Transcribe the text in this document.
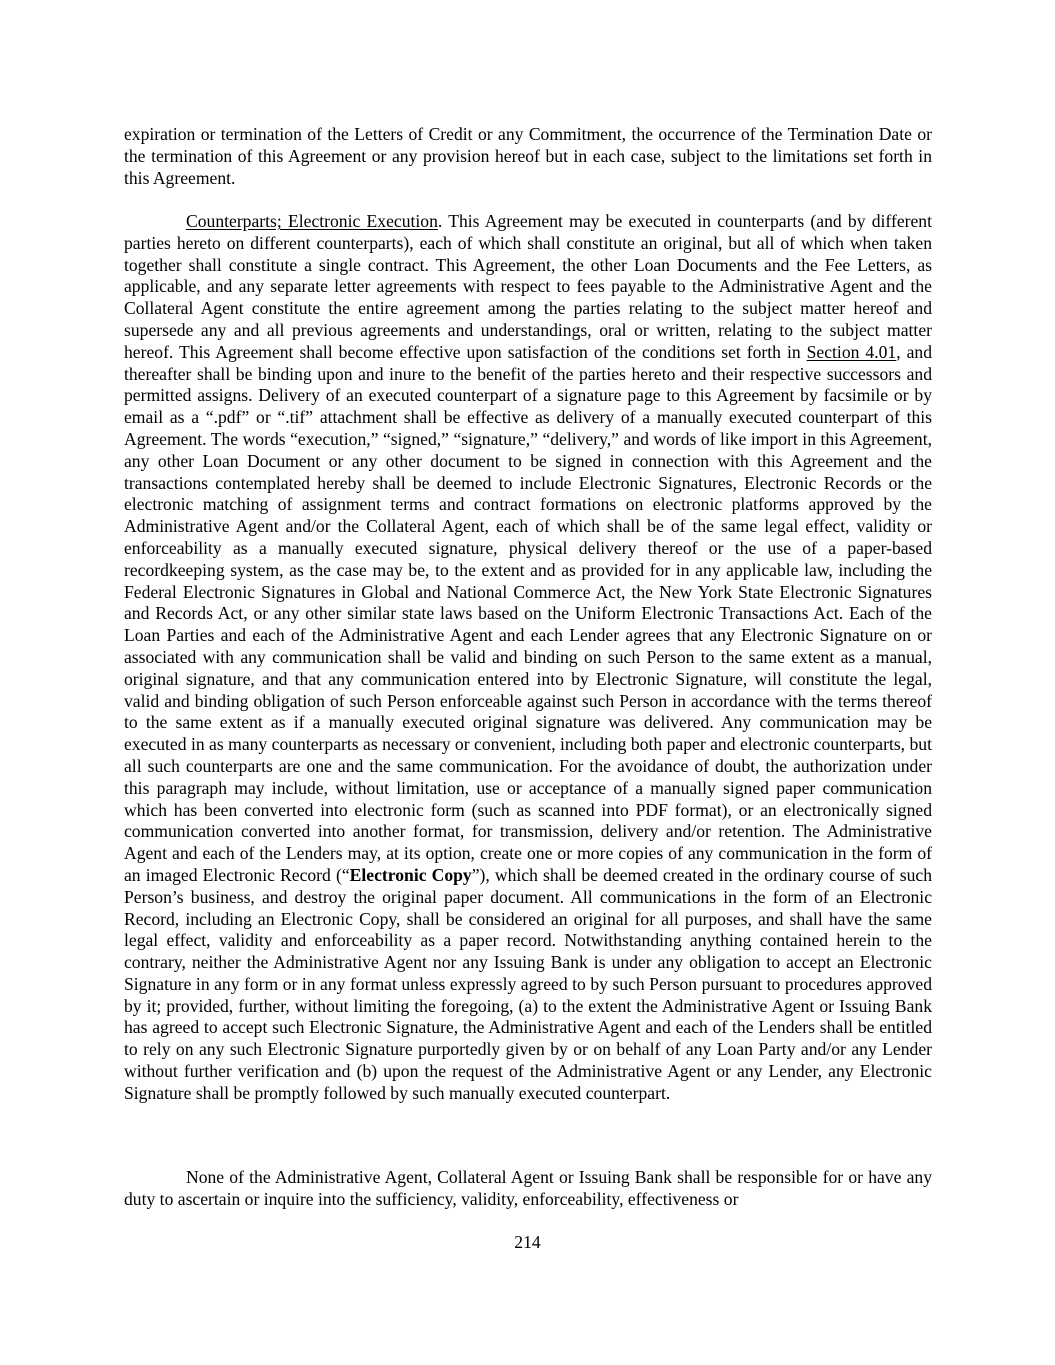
expiration or termination of the Letters of Credit or any Commitment, the occurrence of the Termination Date or the termination of this Agreement or any provision hereof but in each case, subject to the limitations set forth in this Agreement.

Counterparts; Electronic Execution. This Agreement may be executed in counterparts (and by different parties hereto on different counterparts), each of which shall constitute an original, but all of which when taken together shall constitute a single contract. This Agreement, the other Loan Documents and the Fee Letters, as applicable, and any separate letter agreements with respect to fees payable to the Administrative Agent and the Collateral Agent constitute the entire agreement among the parties relating to the subject matter hereof and supersede any and all previous agreements and understandings, oral or written, relating to the subject matter hereof. This Agreement shall become effective upon satisfaction of the conditions set forth in Section 4.01, and thereafter shall be binding upon and inure to the benefit of the parties hereto and their respective successors and permitted assigns. Delivery of an executed counterpart of a signature page to this Agreement by facsimile or by email as a “.pdf” or “.tif” attachment shall be effective as delivery of a manually executed counterpart of this Agreement. The words “execution,” “signed,” “signature,” “delivery,” and words of like import in this Agreement, any other Loan Document or any other document to be signed in connection with this Agreement and the transactions contemplated hereby shall be deemed to include Electronic Signatures, Electronic Records or the electronic matching of assignment terms and contract formations on electronic platforms approved by the Administrative Agent and/or the Collateral Agent, each of which shall be of the same legal effect, validity or enforceability as a manually executed signature, physical delivery thereof or the use of a paper-based recordkeeping system, as the case may be, to the extent and as provided for in any applicable law, including the Federal Electronic Signatures in Global and National Commerce Act, the New York State Electronic Signatures and Records Act, or any other similar state laws based on the Uniform Electronic Transactions Act. Each of the Loan Parties and each of the Administrative Agent and each Lender agrees that any Electronic Signature on or associated with any communication shall be valid and binding on such Person to the same extent as a manual, original signature, and that any communication entered into by Electronic Signature, will constitute the legal, valid and binding obligation of such Person enforceable against such Person in accordance with the terms thereof to the same extent as if a manually executed original signature was delivered. Any communication may be executed in as many counterparts as necessary or convenient, including both paper and electronic counterparts, but all such counterparts are one and the same communication. For the avoidance of doubt, the authorization under this paragraph may include, without limitation, use or acceptance of a manually signed paper communication which has been converted into electronic form (such as scanned into PDF format), or an electronically signed communication converted into another format, for transmission, delivery and/or retention. The Administrative Agent and each of the Lenders may, at its option, create one or more copies of any communication in the form of an imaged Electronic Record (“Electronic Copy”), which shall be deemed created in the ordinary course of such Person’s business, and destroy the original paper document. All communications in the form of an Electronic Record, including an Electronic Copy, shall be considered an original for all purposes, and shall have the same legal effect, validity and enforceability as a paper record. Notwithstanding anything contained herein to the contrary, neither the Administrative Agent nor any Issuing Bank is under any obligation to accept an Electronic Signature in any form or in any format unless expressly agreed to by such Person pursuant to procedures approved by it; provided, further, without limiting the foregoing, (a) to the extent the Administrative Agent or Issuing Bank has agreed to accept such Electronic Signature, the Administrative Agent and each of the Lenders shall be entitled to rely on any such Electronic Signature purportedly given by or on behalf of any Loan Party and/or any Lender without further verification and (b) upon the request of the Administrative Agent or any Lender, any Electronic Signature shall be promptly followed by such manually executed counterpart.

None of the Administrative Agent, Collateral Agent or Issuing Bank shall be responsible for or have any duty to ascertain or inquire into the sufficiency, validity, enforceability, effectiveness or

214
